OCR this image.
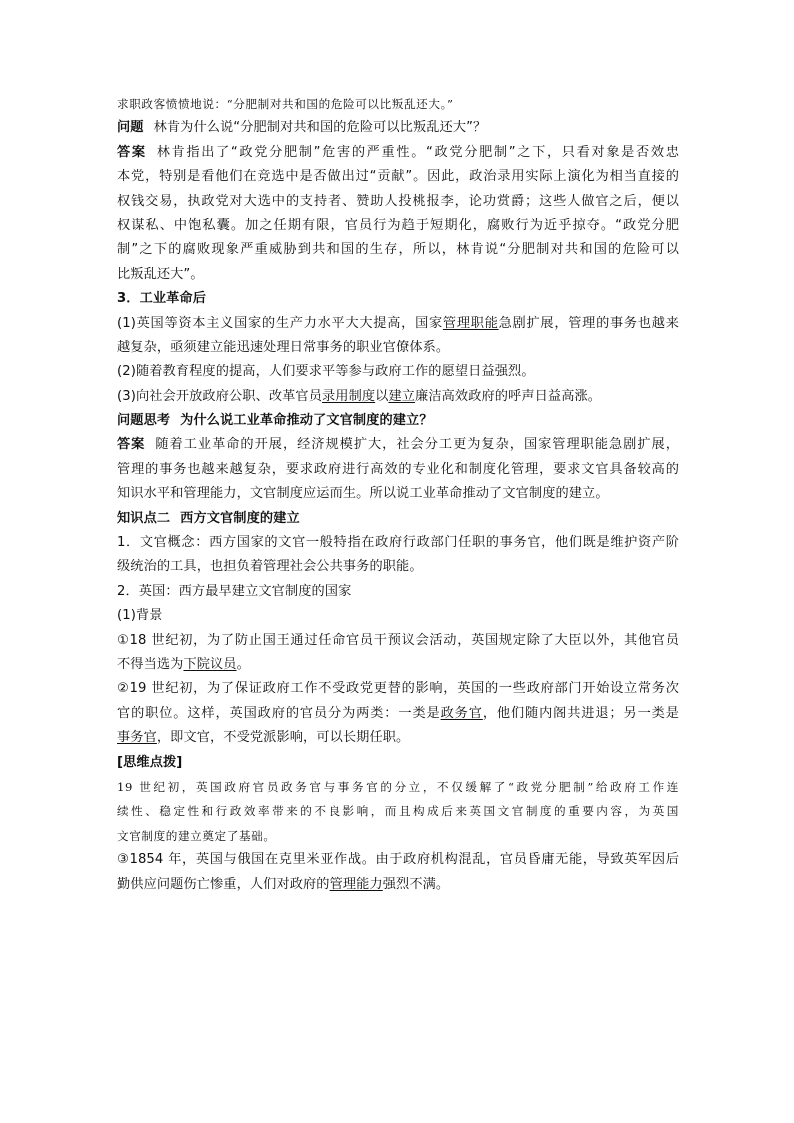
求职政客愤愤地说：“分肥制对共和国的危险可以比叛乱还大。”
问题 林肯为什么说“分肥制对共和国的危险可以比叛乱还大”？
答案 林肯指出了“政党分肥制”危害的严重性。“政党分肥制”之下，只看对象是否效忠
本党，特别是看他们在竞选中是否做出过“贡献”。因此，政治录用实际上演化为相当直接的
权钱交易，执政党对大选中的支持者、赞助人投桃报李，论功赏爵；这些人做官之后，便以
权谋私、中饱私囊。加之任期有限，官员行为趋于短期化，腐败行为近乎掠夺。“政党分肥
制”之下的腐败现象严重威胁到共和国的生存，所以，林肯说“分肥制对共和国的危险可以
比叛乱还大”。
3．工业革命后
(1)英国等资本主义国家的生产力水平大大提高，国家管理职能急剧扩展，管理的事务也越来
越复杂，亟须建立能迅速处理日常事务的职业官僚体系。
(2)随着教育程度的提高，人们要求平等参与政府工作的愿望日益强烈。
(3)向社会开放政府公职、改革官员录用制度以建立廉洁高效政府的呼声日益高涨。
问题思考 为什么说工业革命推动了文官制度的建立？
答案 随着工业革命的开展，经济规模扩大，社会分工更为复杂，国家管理职能急剧扩展，
管理的事务也越来越复杂，要求政府进行高效的专业化和制度化管理，要求文官具备较高的
知识水平和管理能力，文官制度应运而生。所以说工业革命推动了文官制度的建立。
知识点二 西方文官制度的建立
1．文官概念：西方国家的文官一般特指在政府行政部门任职的事务官，他们既是维护资产阶
级统治的工具，也担负着管理社会公共事务的职能。
2．英国：西方最早建立文官制度的国家
(1)背景
①18 世纪初，为了防止国王通过任命官员干预议会活动，英国规定除了大臣以外，其他官员
不得当选为下院议员。
②19 世纪初，为了保证政府工作不受政党更替的影响，英国的一些政府部门开始设立常务次
官的职位。这样，英国政府的官员分为两类：一类是政务官，他们随内阁共进退；另一类是
事务官，即文官，不受党派影响，可以长期任职。
[思维点拨]
19 世纪初，英国政府官员政务官与事务官的分立，不仅缓解了“政党分肥制”给政府工作连
续性、稳定性和行政效率带来的不良影响，而且构成后来英国文官制度的重要内容，为英国
文官制度的建立奠定了基础。
③1854 年，英国与俄国在克里米亚作战。由于政府机构混乱，官员昏庸无能，导致英军因后
勤供应问题伤亡惨重，人们对政府的管理能力强烈不满。
